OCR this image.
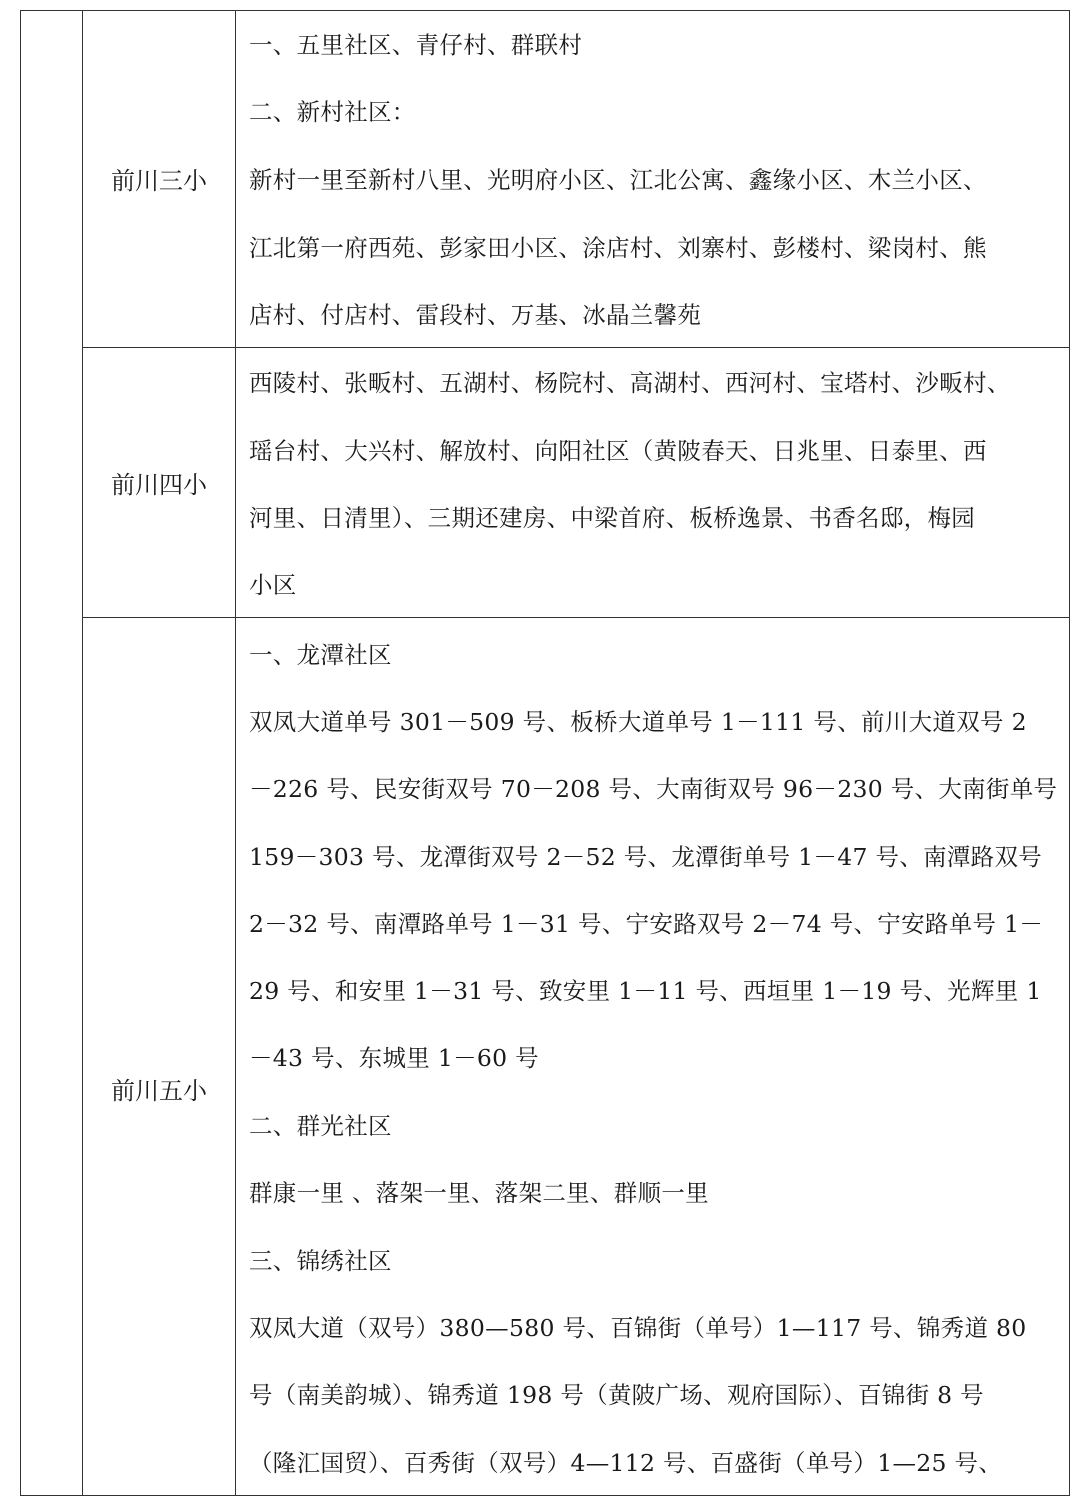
前川三小
一、五里社区、青仔村、群联村
二、新村社区：
新村一里至新村八里、光明府小区、江北公寓、鑫缘小区、木兰小区、
江北第一府西苑、彭家田小区、涂店村、刘寨村、彭楼村、梁岗村、熊
店村、付店村、雷段村、万基、冰晶兰馨苑
前川四小
西陵村、张畈村、五湖村、杨院村、高湖村、西河村、宝塔村、沙畈村、
瑶台村、大兴村、解放村、向阳社区（黄陂春天、日兆里、日泰里、西
河里、日清里）、三期还建房、中梁首府、板桥逸景、书香名邸，梅园
小区
前川五小
一、龙潭社区
双凤大道单号 301－509 号、板桥大道单号 1－111 号、前川大道双号 2
－226 号、民安街双号 70－208 号、大南街双号 96－230 号、大南街单号
159－303 号、龙潭街双号 2－52 号、龙潭街单号 1－47 号、南潭路双号
2－32 号、南潭路单号 1－31 号、宁安路双号 2－74 号、宁安路单号 1－
29 号、和安里 1－31 号、致安里 1－11 号、西垣里 1－19 号、光辉里 1
－43 号、东城里 1－60 号
二、群光社区
群康一里 、落架一里、落架二里、群顺一里
三、锦绣社区
双凤大道（双号）380—580 号、百锦街（单号）1—117 号、锦秀道 80
号（南美韵城）、锦秀道 198 号（黄陂广场、观府国际）、百锦街 8 号
（隆汇国贸）、百秀街（双号）4—112 号、百盛街（单号）1—25 号、
